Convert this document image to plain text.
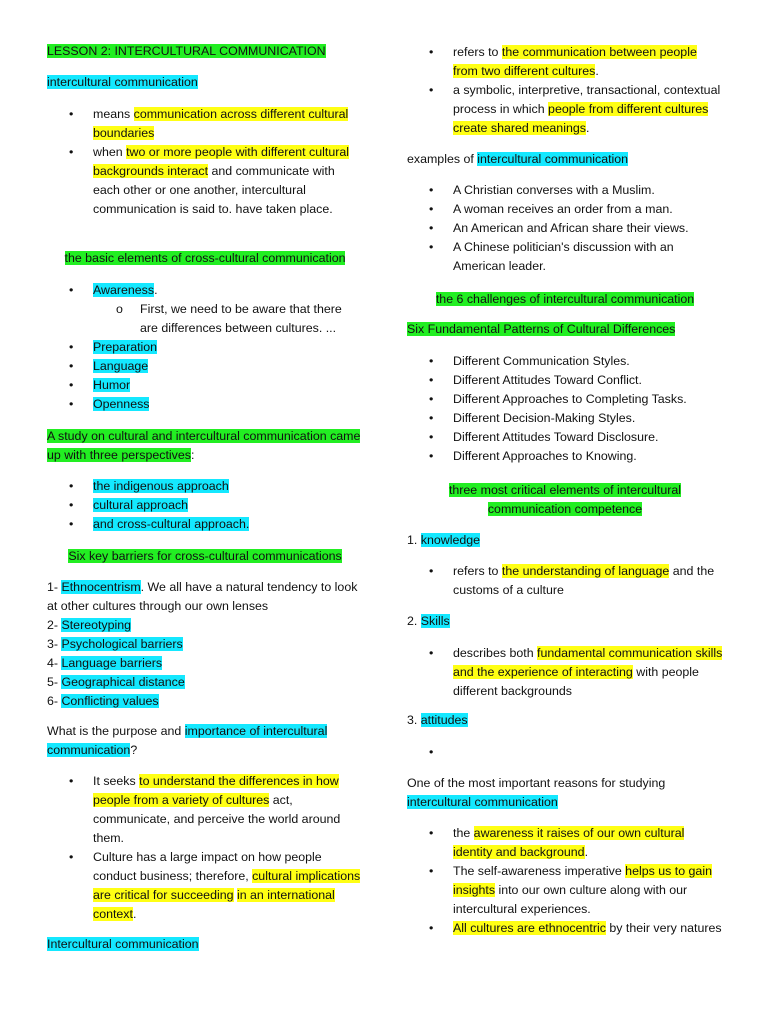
LESSON 2: INTERCULTURAL COMMUNICATION
intercultural communication
• means communication across different cultural boundaries
• when two or more people with different cultural backgrounds interact and communicate with each other or one another, intercultural communication is said to. have taken place.
the basic elements of cross-cultural communication
• Awareness.
o First, we need to be aware that there are differences between cultures. ...
• Preparation
• Language
• Humor
• Openness
A study on cultural and intercultural communication came up with three perspectives:
• the indigenous approach
• cultural approach
• and cross-cultural approach.
Six key barriers for cross-cultural communications
1- Ethnocentrism. We all have a natural tendency to look at other cultures through our own lenses
2- Stereotyping
3- Psychological barriers
4- Language barriers
5- Geographical distance
6- Conflicting values
What is the purpose and importance of intercultural communication?
• It seeks to understand the differences in how people from a variety of cultures act, communicate, and perceive the world around them.
• Culture has a large impact on how people conduct business; therefore, cultural implications are critical for succeeding in an international context.
Intercultural communication
• refers to the communication between people from two different cultures.
• a symbolic, interpretive, transactional, contextual process in which people from different cultures create shared meanings.
examples of intercultural communication
• A Christian converses with a Muslim.
• A woman receives an order from a man.
• An American and African share their views.
• A Chinese politician's discussion with an American leader.
the 6 challenges of intercultural communication
Six Fundamental Patterns of Cultural Differences
• Different Communication Styles.
• Different Attitudes Toward Conflict.
• Different Approaches to Completing Tasks.
• Different Decision-Making Styles.
• Different Attitudes Toward Disclosure.
• Different Approaches to Knowing.
three most critical elements of intercultural communication competence
1. knowledge
• refers to the understanding of language and the customs of a culture
2. Skills
• describes both fundamental communication skills and the experience of interacting with people different backgrounds
3. attitudes
•

One of the most important reasons for studying intercultural communication
• the awareness it raises of our own cultural identity and background.
• The self-awareness imperative helps us to gain insights into our own culture along with our intercultural experiences.
• All cultures are ethnocentric by their very natures
